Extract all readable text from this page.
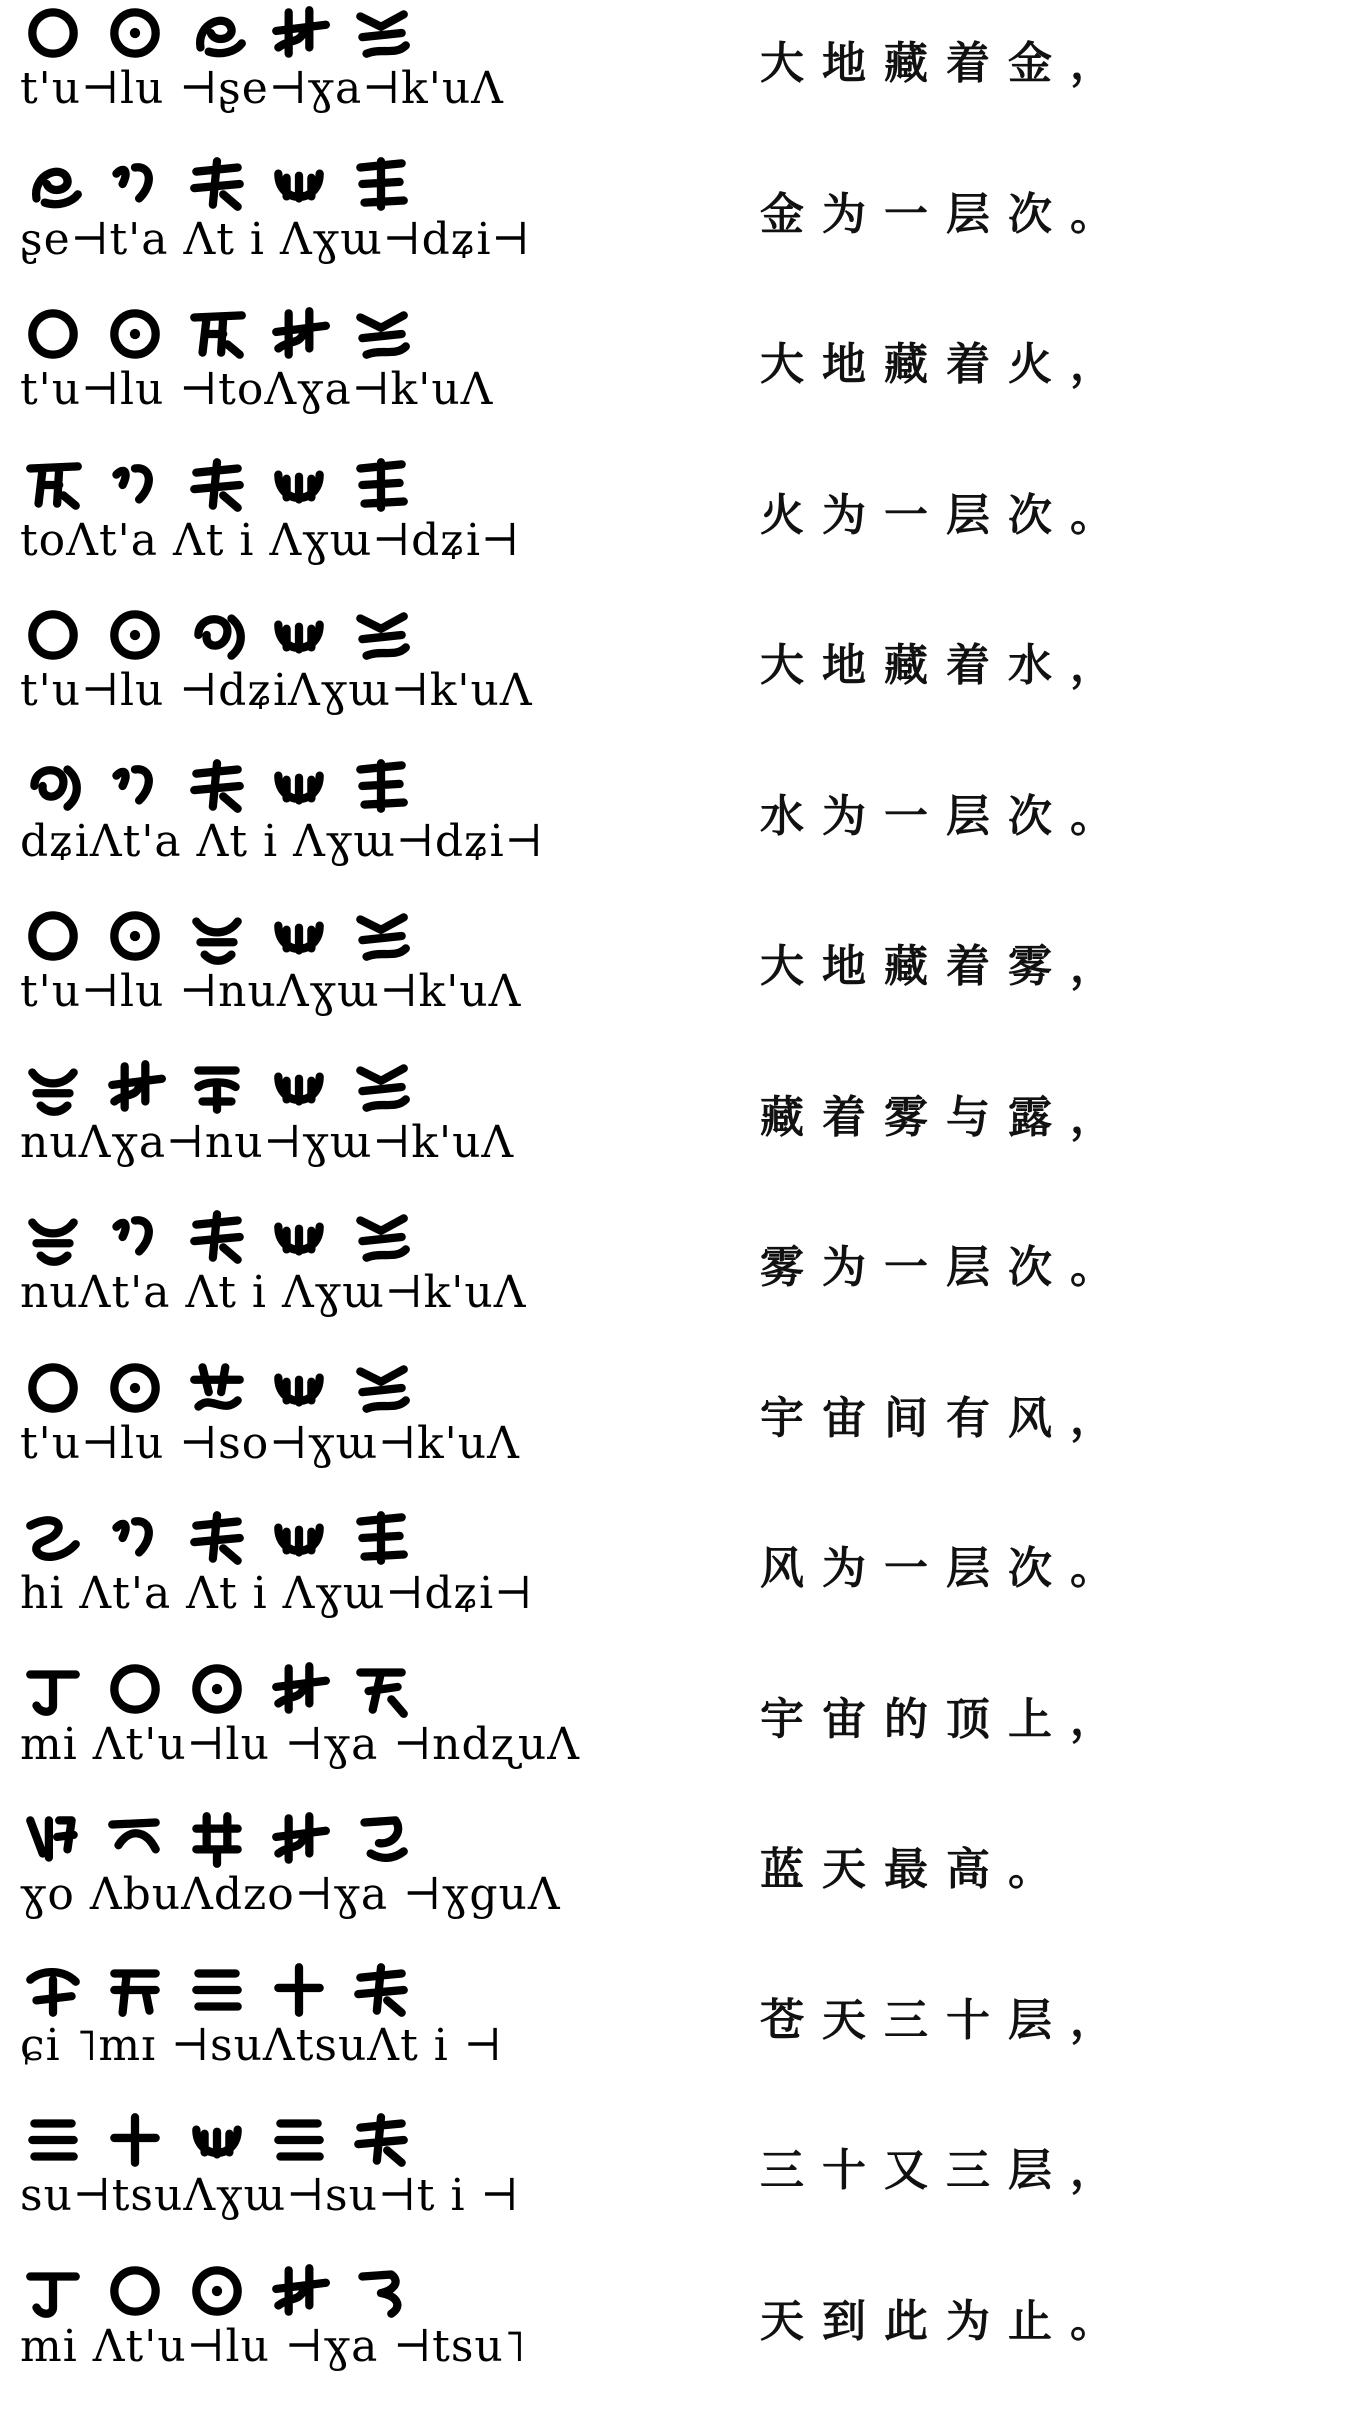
t'u⊣lu ⊣ʂe⊣ɣa⊣k'uɅ	大地藏着金，
ʂe⊣t'a Ʌt i Ʌɣɯ⊣dʑi⊣	金为一层次。
t'u⊣lu ⊣toɅɣa⊣k'uɅ	大地藏着火，
toɅt'a Ʌt i Ʌɣɯ⊣dʑi⊣	火为一层次。
t'u⊣lu ⊣dʑiɅɣɯ⊣k'uɅ	大地藏着水，
dʑiɅt'a Ʌt i Ʌɣɯ⊣dʑi⊣	水为一层次。
t'u⊣lu ⊣nuɅɣɯ⊣k'uɅ	大地藏着雾，
nuɅɣa⊣nu⊣ɣɯ⊣k'uɅ	藏着雾与露，
nuɅt'a Ʌt i Ʌɣɯ⊣k'uɅ	雾为一层次。
t'u⊣lu ⊣so⊣ɣɯ⊣k'uɅ	宇宙间有风，
hi Ʌt'a Ʌt i Ʌɣɯ⊣dʑi⊣	风为一层次。
mi Ʌt'u⊣lu ⊣ɣa ⊣ndʐuɅ	宇宙的顶上，
ɣo ɅbuɅdzo⊣ɣa ⊣ɣguɅ	蓝天最高。
ɕi ˥mɪ ⊣suɅtsuɅt i ⊣	苍天三十层，
su⊣tsuɅɣɯ⊣su⊣t i ⊣	三十又三层，
mi Ʌt'u⊣lu ⊣ɣa ⊣tsu˥	天到此为止。
